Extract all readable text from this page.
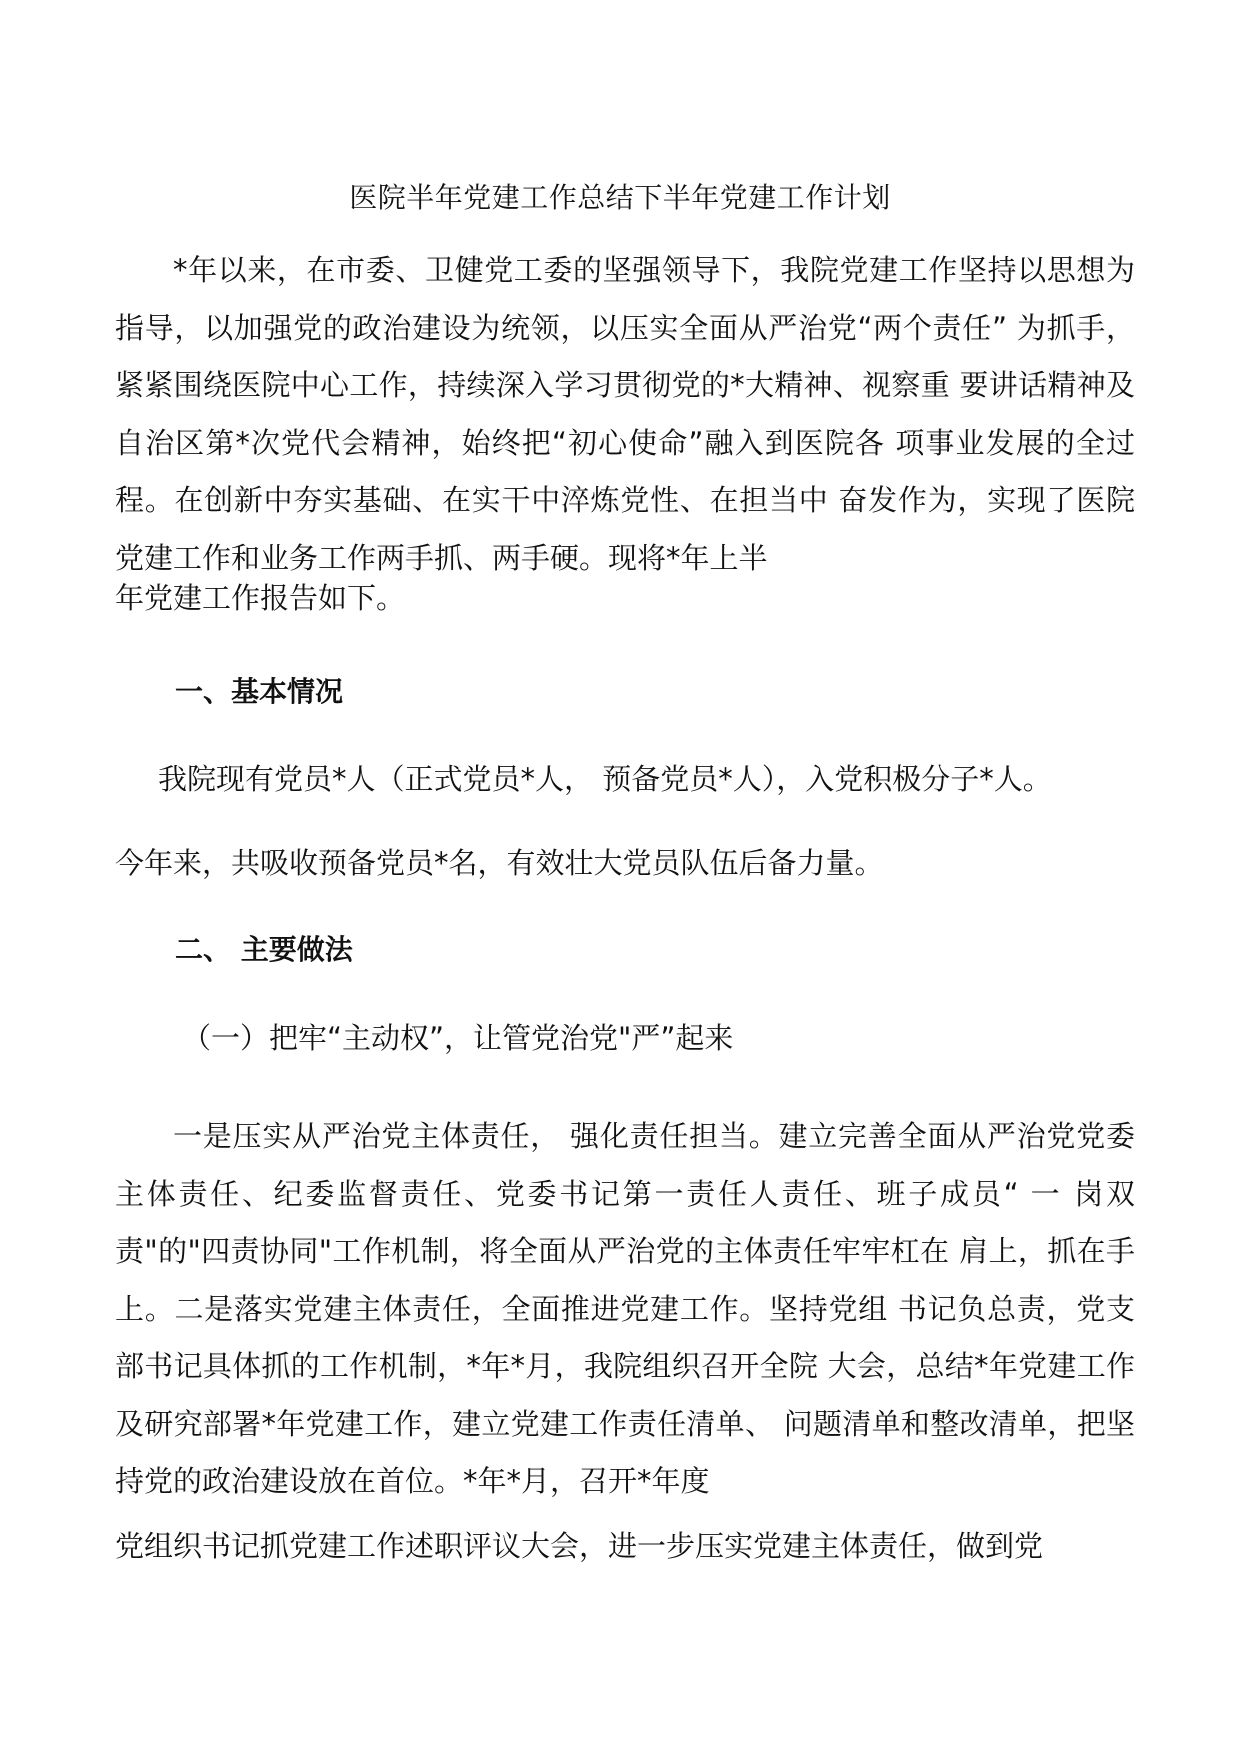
医院半年党建工作总结下半年党建工作计划
*年以来，在市委、卫健党工委的坚强领导下，我院党建工作坚持以思想为指导，以加强党的政治建设为统领，以压实全面从严治党“两个责任” 为抓手，紧紧围绕医院中心工作，持续深入学习贯彻党的*大精神、视察重 要讲话精神及自治区第*次党代会精神，始终把“初心使命”融入到医院各 项事业发展的全过程。在创新中夯实基础、在实干中淬炼党性、在担当中 奋发作为，实现了医院党建工作和业务工作两手抓、两手硬。现将*年上半
年党建工作报告如下。
一、基本情况
我院现有党员*人（正式党员*人， 预备党员*人），入党积极分子*人。
今年来，共吸收预备党员*名，有效壮大党员队伍后备力量。
二、 主要做法
（一）把牢“主动权”，让管党治党"严”起来
一是压实从严治党主体责任， 强化责任担当。建立完善全面从严治党党委主体责任、纪委监督责任、党委书记第一责任人责任、班子成员“ 一 岗双责"的"四责协同"工作机制，将全面从严治党的主体责任牢牢杠在 肩上，抓在手上。二是落实党建主体责任，全面推进党建工作。坚持党组 书记负总责，党支部书记具体抓的工作机制，*年*月，我院组织召开全院 大会，总结*年党建工作及研究部署*年党建工作，建立党建工作责任清单、 问题清单和整改清单，把坚持党的政治建设放在首位。*年*月，召开*年度
党组织书记抓党建工作述职评议大会，进一步压实党建主体责任，做到党
